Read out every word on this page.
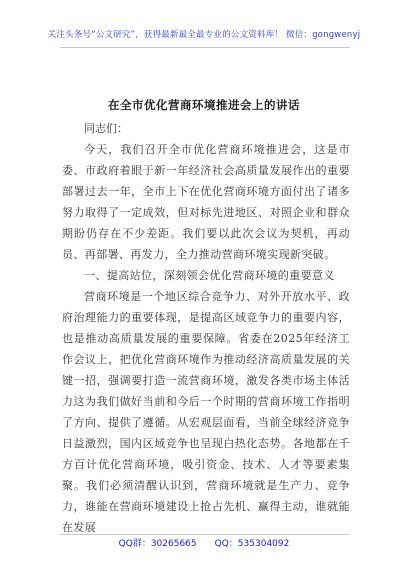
关注头条号“公文研究”，获得最新最全最专业的公文资料库！ 微信：gongwenyj
在全市优化营商环境推进会上的讲话

同志们：

今天，我们召开全市优化营商环境推进会，这是市委、市政府着眼于新一年经济社会高质量发展作出的重要部署过去一年，全市上下在优化营商环境方面付出了诸多努力取得了一定成效，但对标先进地区、对照企业和群众期盼仍存在不少差距。我们要以此次会议为契机，再动员、再部署、再发力，全力推动营商环境实现新突破。

一、提高站位，深刻领会优化营商环境的重要意义

营商环境是一个地区综合竞争力、对外开放水平、政府治理能力的重要体现，是提高区域竞争力的重要内容，也是推动高质量发展的重要保障。省委在2025年经济工作会议上，把优化营商环境作为推动经济高质量发展的关键一招，强调要打造一流营商环境，激发各类市场主体活力这为我们做好当前和今后一个时期的营商环境工作指明了方向、提供了遵循。从宏观层面看，当前全球经济竞争日益激烈，国内区域竞争也呈现白热化态势。各地都在千方百计优化营商环境，吸引资金、技术、人才等要素集聚。我们必须清醒认识到，营商环境就是生产力、竞争力，谁能在营商环境建设上抢占先机、赢得主动，谁就能在发展

QQ群：30265665 QQ：535304092
